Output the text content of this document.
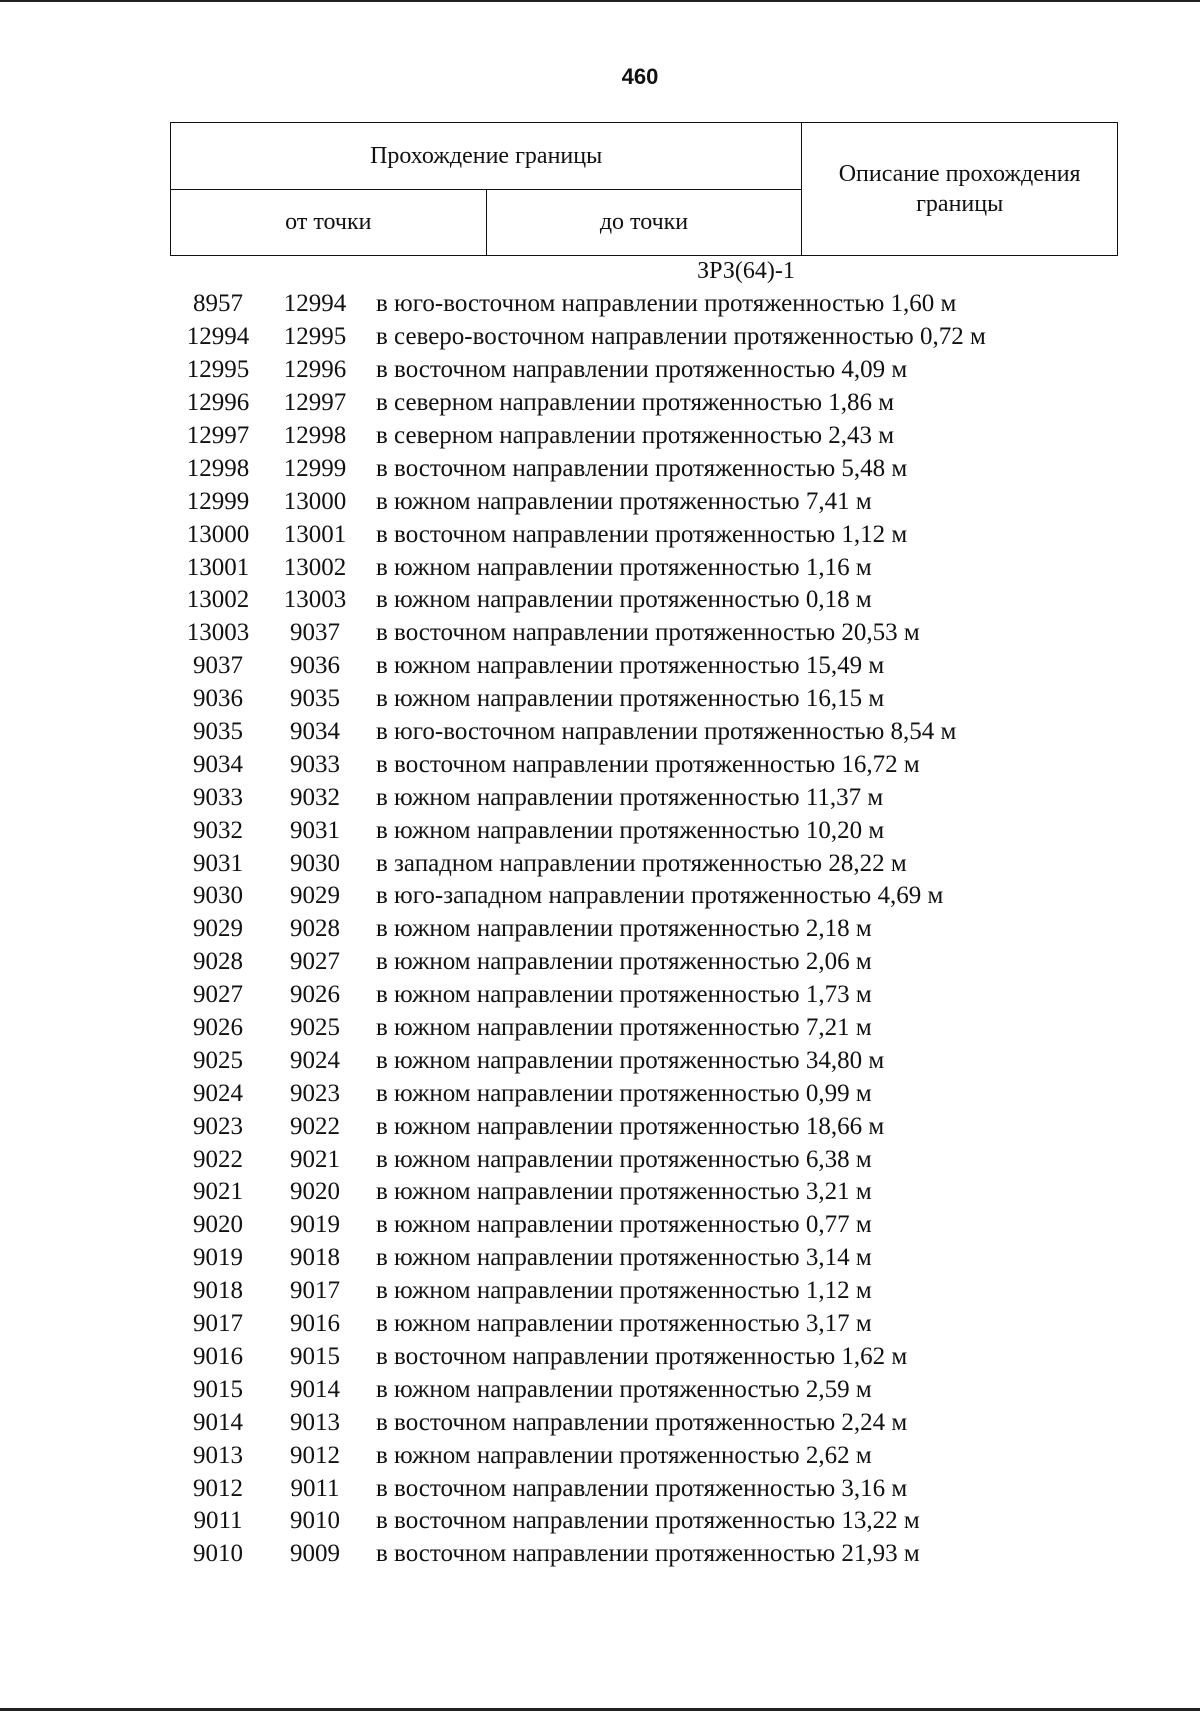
460
Прохождение границы		Описание прохождения границы
от точки	до точки	
ЗРЗ(64)-1
8957	12994	в юго-восточном направлении протяженностью 1,60 м
12994	12995	в северо-восточном направлении протяженностью 0,72 м
12995	12996	в восточном направлении протяженностью 4,09 м
12996	12997	в северном направлении протяженностью 1,86 м
12997	12998	в северном направлении протяженностью 2,43 м
12998	12999	в восточном направлении протяженностью 5,48 м
12999	13000	в южном направлении протяженностью 7,41 м
13000	13001	в восточном направлении протяженностью 1,12 м
13001	13002	в южном направлении протяженностью 1,16 м
13002	13003	в южном направлении протяженностью 0,18 м
13003	9037	в восточном направлении протяженностью 20,53 м
9037	9036	в южном направлении протяженностью 15,49 м
9036	9035	в южном направлении протяженностью 16,15 м
9035	9034	в юго-восточном направлении протяженностью 8,54 м
9034	9033	в восточном направлении протяженностью 16,72 м
9033	9032	в южном направлении протяженностью 11,37 м
9032	9031	в южном направлении протяженностью 10,20 м
9031	9030	в западном направлении протяженностью 28,22 м
9030	9029	в юго-западном направлении протяженностью 4,69 м
9029	9028	в южном направлении протяженностью 2,18 м
9028	9027	в южном направлении протяженностью 2,06 м
9027	9026	в южном направлении протяженностью 1,73 м
9026	9025	в южном направлении протяженностью 7,21 м
9025	9024	в южном направлении протяженностью 34,80 м
9024	9023	в южном направлении протяженностью 0,99 м
9023	9022	в южном направлении протяженностью 18,66 м
9022	9021	в южном направлении протяженностью 6,38 м
9021	9020	в южном направлении протяженностью 3,21 м
9020	9019	в южном направлении протяженностью 0,77 м
9019	9018	в южном направлении протяженностью 3,14 м
9018	9017	в южном направлении протяженностью 1,12 м
9017	9016	в южном направлении протяженностью 3,17 м
9016	9015	в восточном направлении протяженностью 1,62 м
9015	9014	в южном направлении протяженностью 2,59 м
9014	9013	в восточном направлении протяженностью 2,24 м
9013	9012	в южном направлении протяженностью 2,62 м
9012	9011	в восточном направлении протяженностью 3,16 м
9011	9010	в восточном направлении протяженностью 13,22 м
9010	9009	в восточном направлении протяженностью 21,93 м
